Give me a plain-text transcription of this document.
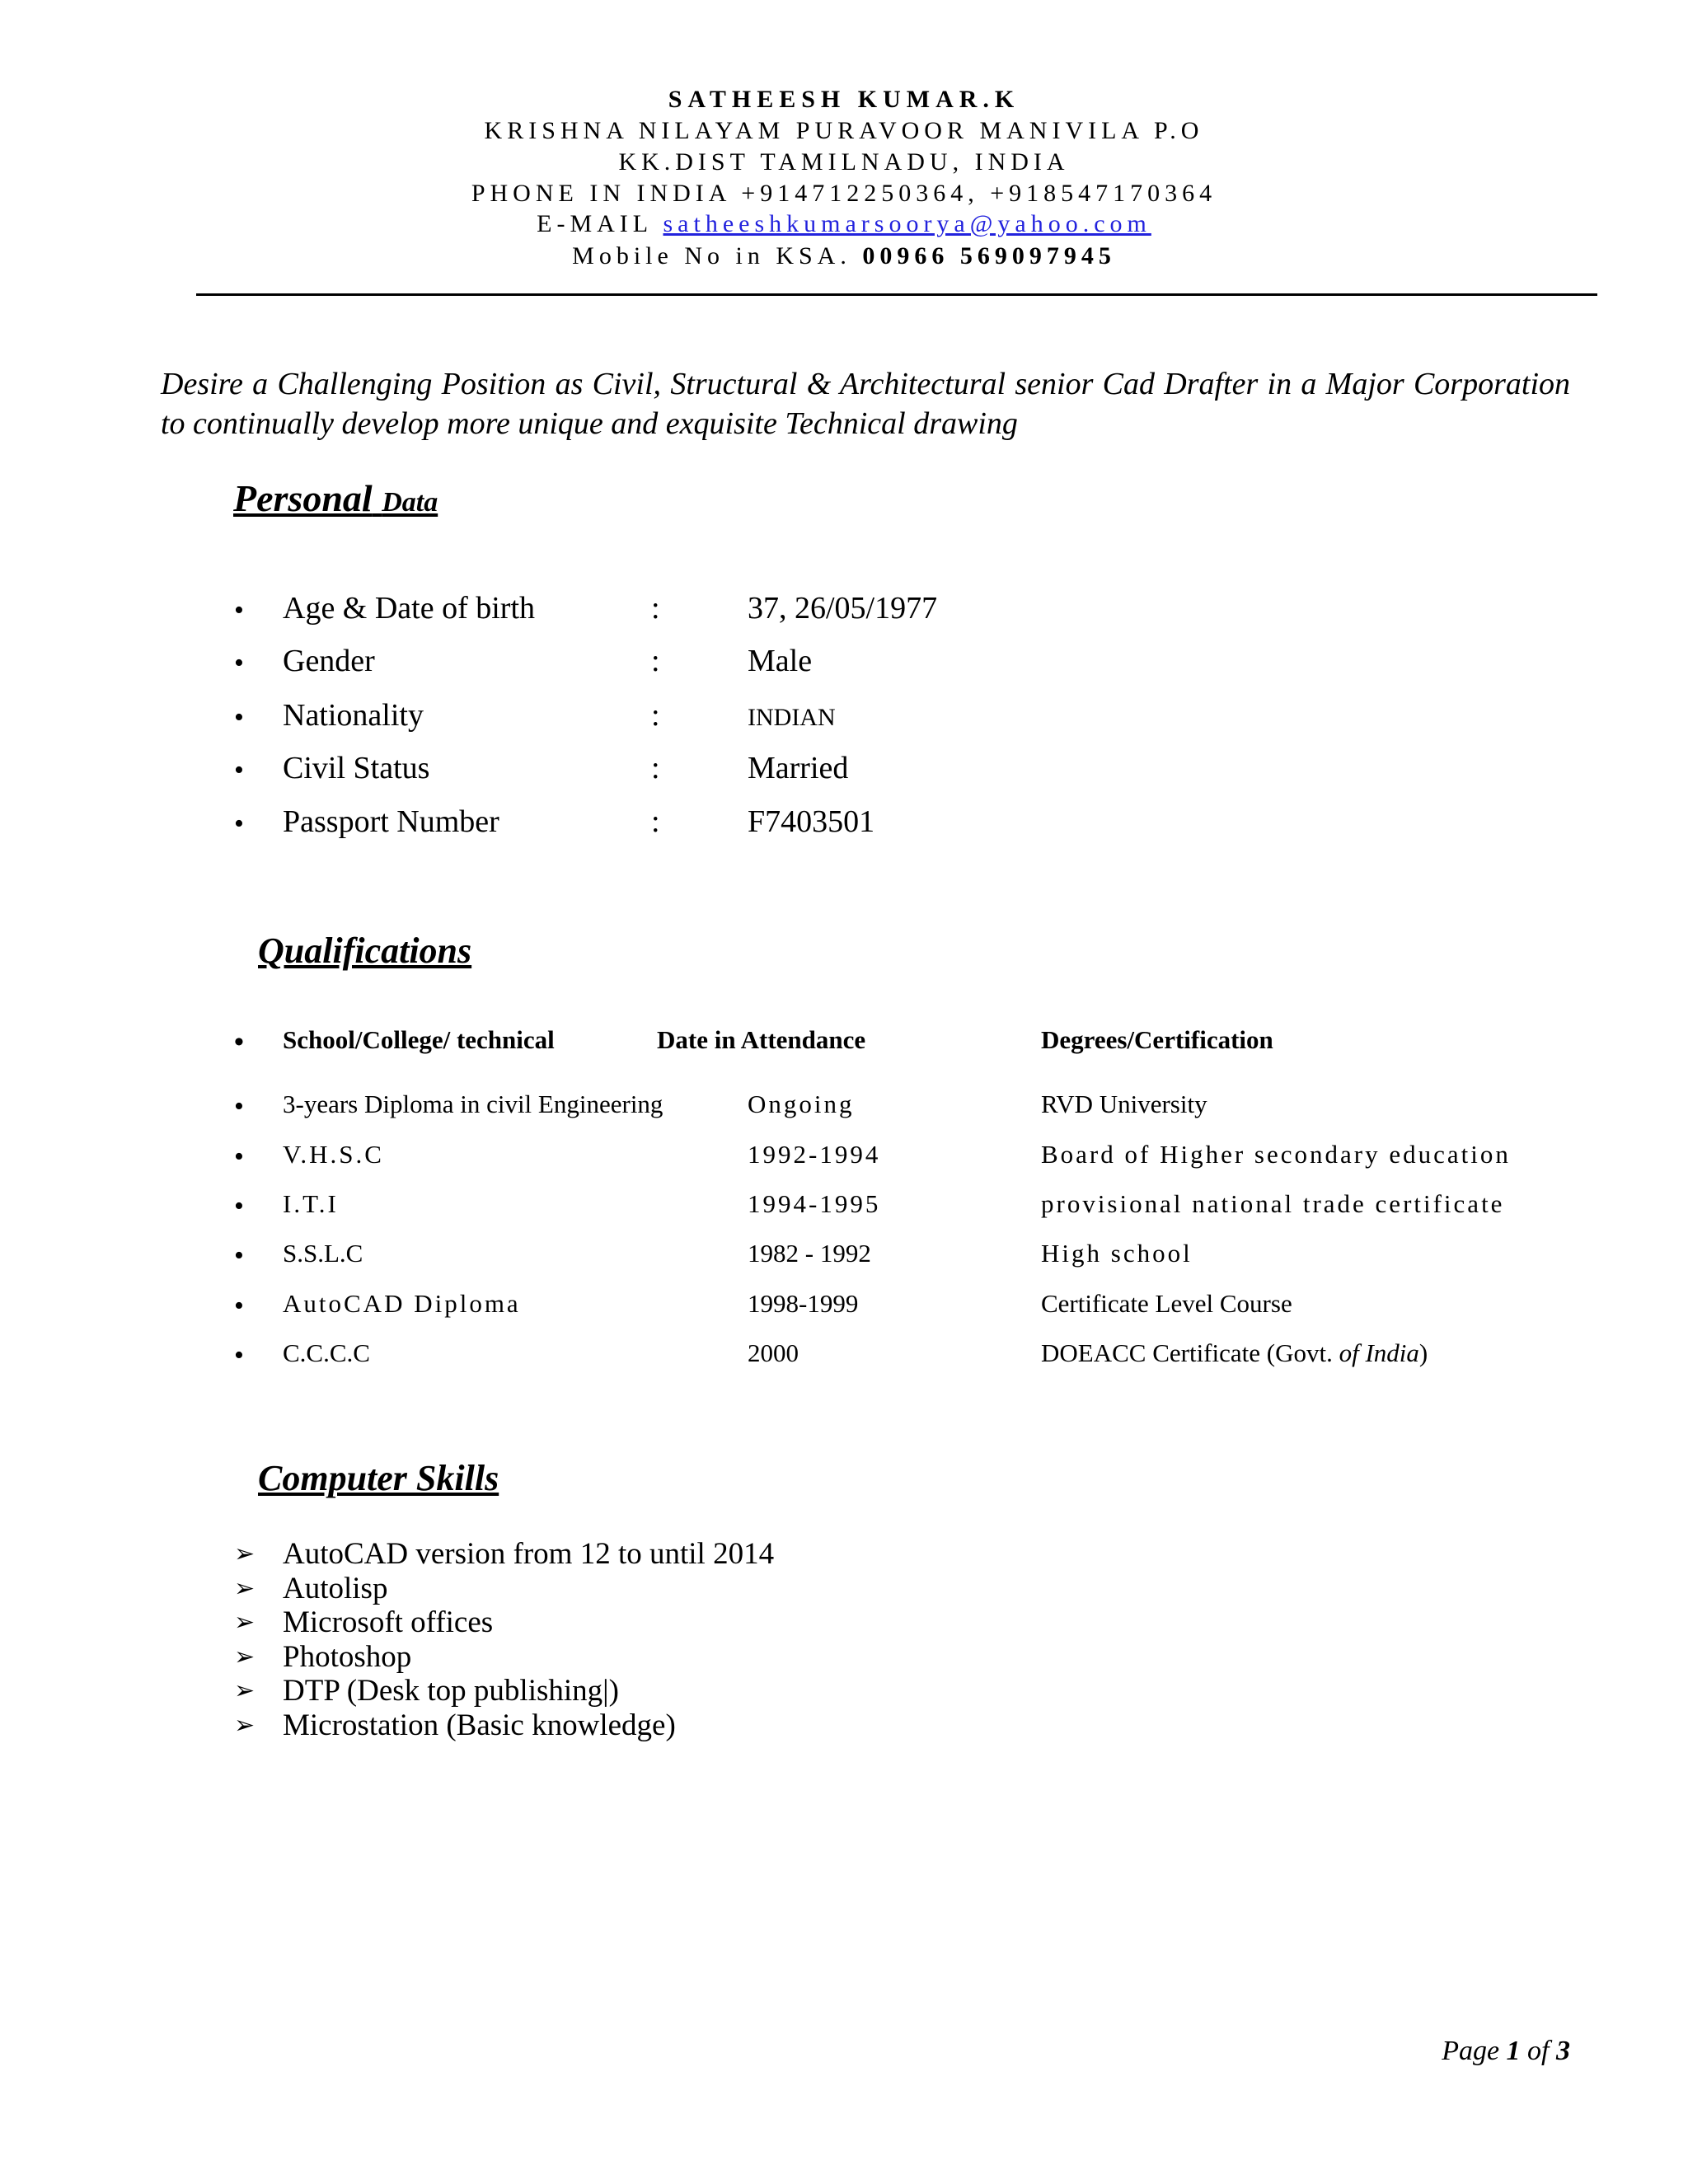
SATHEESH KUMAR.K
KRISHNA NILAYAM PURAVOOR MANIVILA P.O
KK.DIST TAMILNADU, INDIA
PHONE IN INDIA +914712250364, +918547170364
E-MAIL satheeshkumarsoorya@yahoo.com
Mobile No in KSA. 00966 569097945
Desire a Challenging Position as Civil, Structural & Architectural senior Cad Drafter in a Major Corporation to continually develop more unique and exquisite Technical drawing
Personal Data
• Age & Date of birth	:	37, 26/05/1977
• Gender	:	Male
• Nationality	:	INDIAN
• Civil Status	:	Married
• Passport Number	:	F7403501
Qualifications
• School/College/ technical	Date in Attendance	Degrees/Certification
• 3-years Diploma in civil Engineering	Ongoing	RVD University
• V.H.S.C	1992-1994	Board of Higher secondary education
• I.T.I	1994-1995	provisional national trade certificate
• S.S.L.C	1982 - 1992	High school
• AutoCAD Diploma	1998-1999	Certificate Level Course
• C.C.C.C	2000	DOEACC Certificate (Govt. of India)
Computer Skills
➢ AutoCAD version from 12 to until 2014
➢ Autolisp
➢ Microsoft offices
➢ Photoshop
➢ DTP (Desk top publishing|)
➢ Microstation (Basic knowledge)
Page 1 of 3
